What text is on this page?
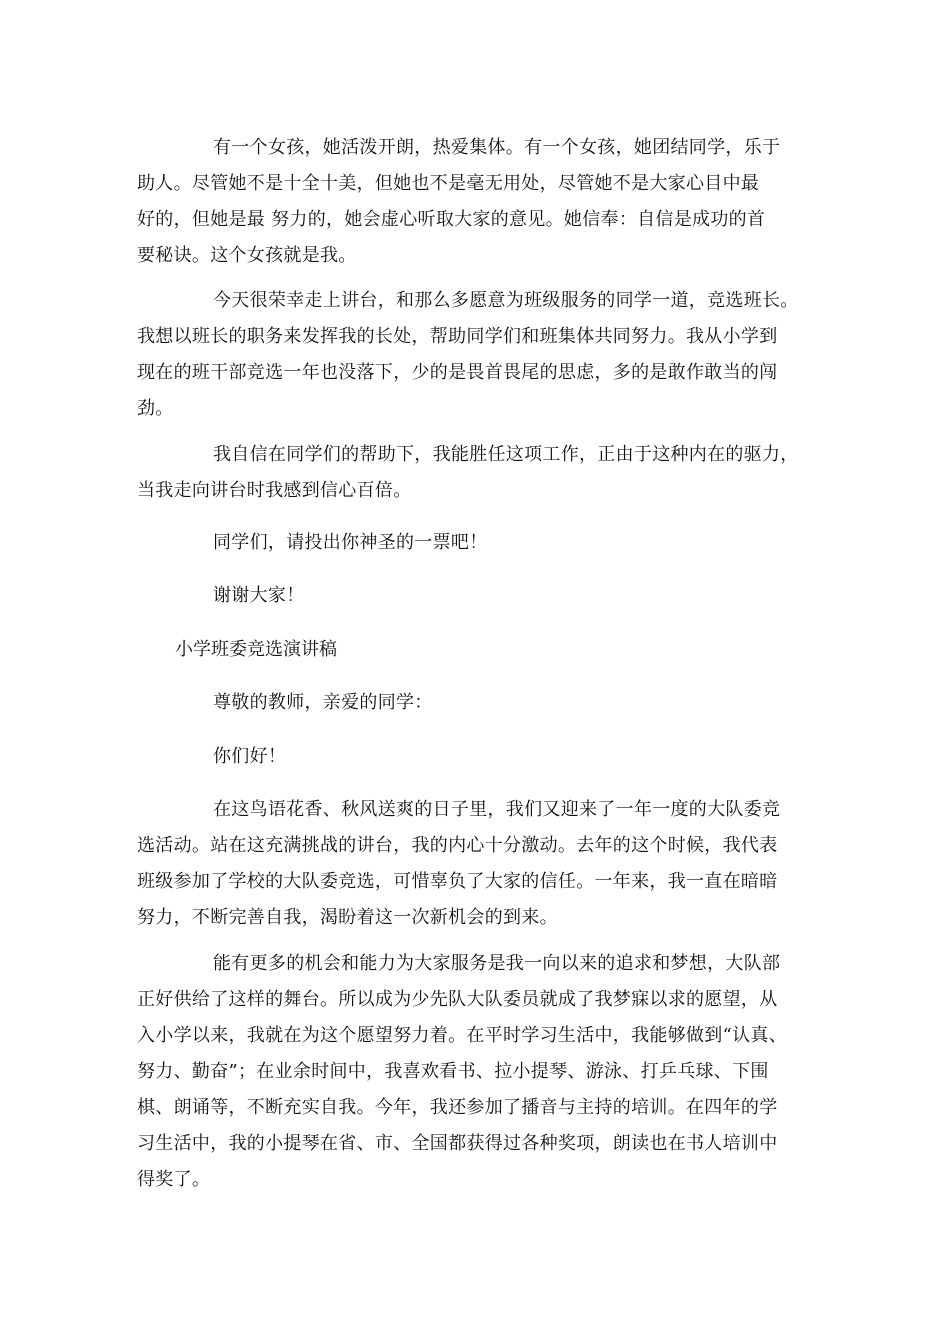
有一个女孩，她活泼开朗，热爱集体。有一个女孩，她团结同学，乐于
助人。尽管她不是十全十美，但她也不是毫无用处，尽管她不是大家心目中最
好的，但她是最 努力的，她会虚心听取大家的意见。她信奉：自信是成功的首
要秘诀。这个女孩就是我。
今天很荣幸走上讲台，和那么多愿意为班级服务的同学一道，竞选班长。
我想以班长的职务来发挥我的长处，帮助同学们和班集体共同努力。我从小学到
现在的班干部竞选一年也没落下，少的是畏首畏尾的思虑，多的是敢作敢当的闯
劲。
我自信在同学们的帮助下，我能胜任这项工作，正由于这种内在的驱力，
当我走向讲台时我感到信心百倍。
同学们，请投出你神圣的一票吧！
谢谢大家！
小学班委竞选演讲稿
尊敬的教师，亲爱的同学：
你们好！
在这鸟语花香、秋风送爽的日子里，我们又迎来了一年一度的大队委竞
选活动。站在这充满挑战的讲台，我的内心十分激动。去年的这个时候，我代表
班级参加了学校的大队委竞选，可惜辜负了大家的信任。一年来，我一直在暗暗
努力，不断完善自我，渴盼着这一次新机会的到来。
能有更多的机会和能力为大家服务是我一向以来的追求和梦想，大队部
正好供给了这样的舞台。所以成为少先队大队委员就成了我梦寐以求的愿望，从
入小学以来，我就在为这个愿望努力着。在平时学习生活中，我能够做到“认真、
努力、勤奋”；在业余时间中，我喜欢看书、拉小提琴、游泳、打乒乓球、下围
棋、朗诵等，不断充实自我。今年，我还参加了播音与主持的培训。在四年的学
习生活中，我的小提琴在省、市、全国都获得过各种奖项，朗读也在书人培训中
得奖了。
